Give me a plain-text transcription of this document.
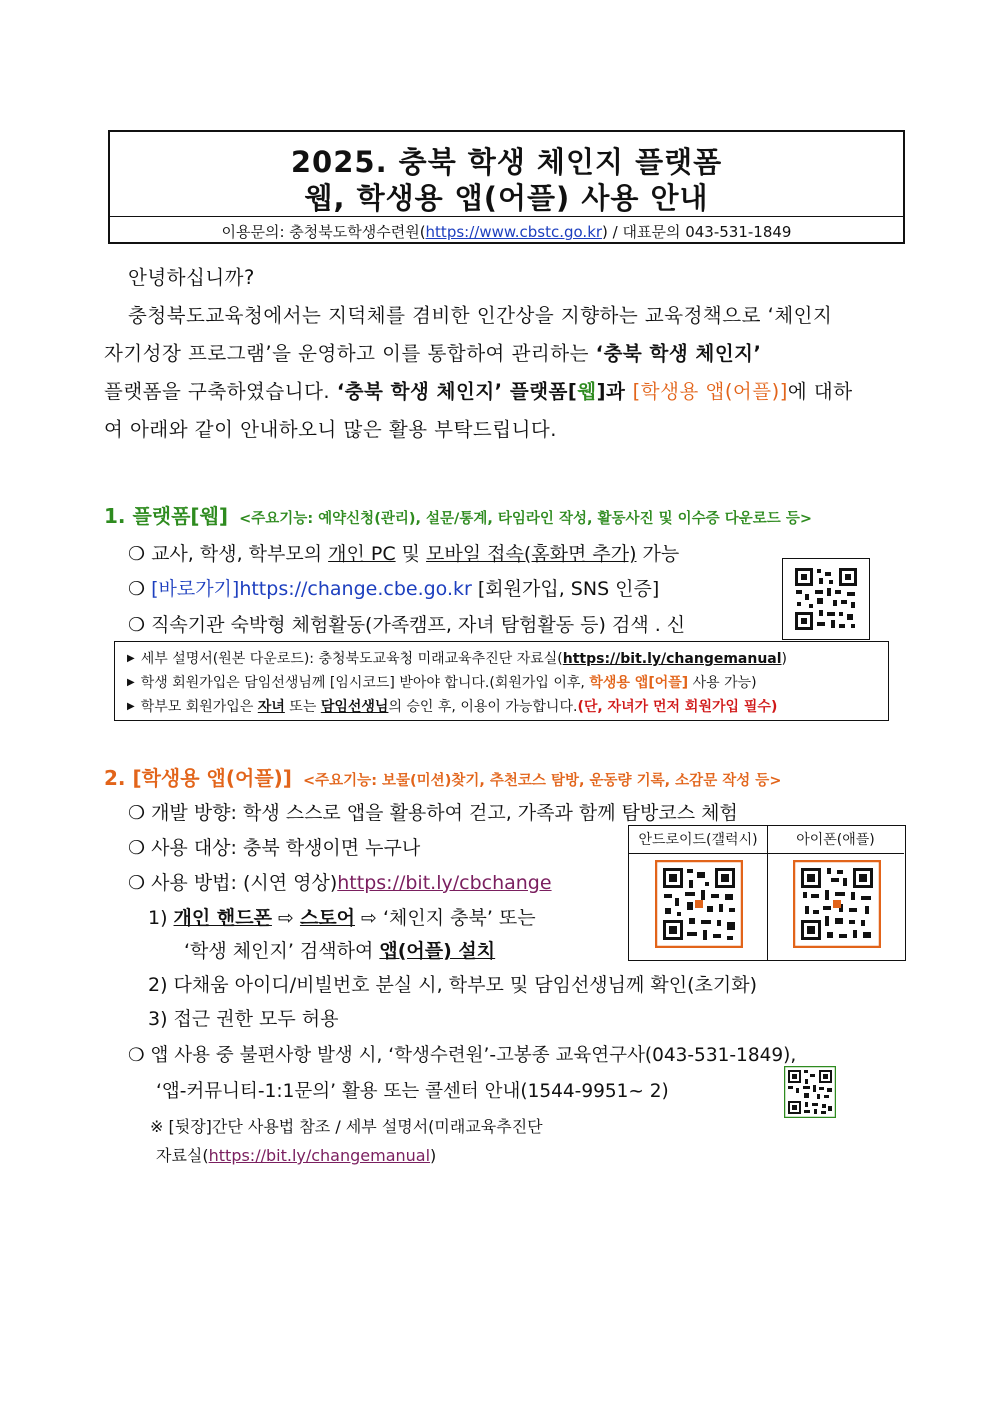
2025. 충북 학생 체인지 플랫폼
웹, 학생용 앱(어플) 사용 안내
이용문의: 충청북도학생수련원(https://www.cbstc.go.kr) / 대표문의 043-531-1849
안녕하십니까?
충청북도교육청에서는 지덕체를 겸비한 인간상을 지향하는 교육정책으로 ‘체인지
자기성장 프로그램’을 운영하고 이를 통합하여 관리하는 ‘충북 학생 체인지’
플랫폼을 구축하였습니다. ‘충북 학생 체인지’ 플랫폼[웹]과 [학생용 앱(어플)]에 대하
여 아래와 같이 안내하오니 많은 활용 부탁드립니다.
1. 플랫폼[웹] <주요기능: 예약신청(관리), 설문/통계, 타임라인 작성, 활동사진 및 이수증 다운로드 등>
❍ 교사, 학생, 학부모의 개인 PC 및 모바일 접속(홈화면 추가) 가능
❍ [바로가기]https://change.cbe.go.kr [회원가입, SNS 인증]
❍ 직속기관 숙박형 체험활동(가족캠프, 자녀 탐험활동 등) 검색 . 신
▶ 세부 설명서(원본 다운로드): 충청북도교육청 미래교육추진단 자료실(https://bit.ly/changemanual)
▶ 학생 회원가입은 담임선생님께 [임시코드] 받아야 합니다.(회원가입 이후, 학생용 앱[어플] 사용 가능)
▶ 학부모 회원가입은 자녀 또는 담임선생님의 승인 후, 이용이 가능합니다.(단, 자녀가 먼저 회원가입 필수)
2. [학생용 앱(어플)] <주요기능: 보물(미션)찾기, 추천코스 탐방, 운동량 기록, 소감문 작성 등>
❍ 개발 방향: 학생 스스로 앱을 활용하여 걷고, 가족과 함께 탐방코스 체험
❍ 사용 대상: 충북 학생이면 누구나
❍ 사용 방법: (시연 영상)https://bit.ly/cbchange
1) 개인 핸드폰 ⇨ 스토어 ⇨ ‘체인지 충북’ 또는
‘학생 체인지’ 검색하여 앱(어플) 설치
2) 다채움 아이디/비빌번호 분실 시, 학부모 및 담임선생님께 확인(초기화)
3) 접근 권한 모두 허용
❍ 앱 사용 중 불편사항 발생 시, ‘학생수련원’-고봉종 교육연구사(043-531-1849),
‘앱-커뮤니티-1:1문의’ 활용 또는 콜센터 안내(1544-9951~ 2)
안드로이드(갤럭시)	아이폰(애플)
※ [뒷장]간단 사용법 참조 / 세부 설명서(미래교육추진단
자료실(https://bit.ly/changemanual)
